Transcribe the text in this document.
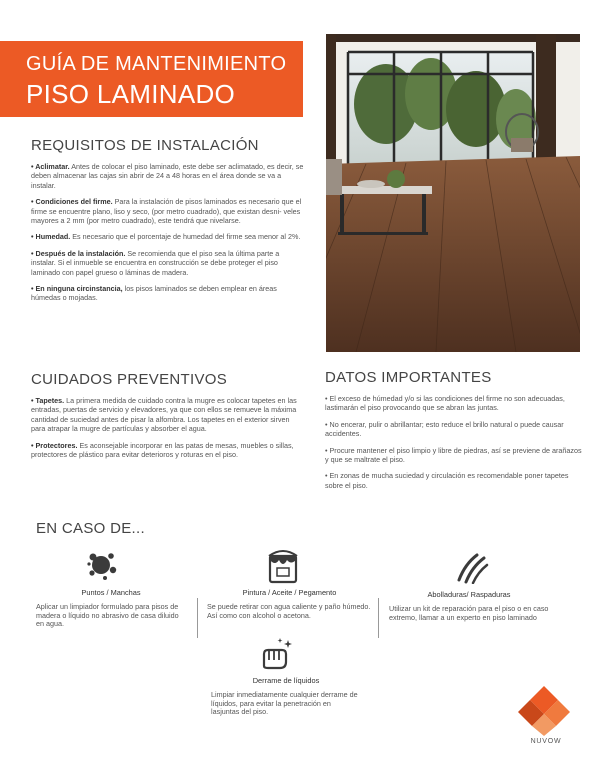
GUÍA DE MANTENIMIENTO
PISO LAMINADO
REQUISITOS DE INSTALACIÓN

• Aclimatar. Antes de colocar el piso laminado, este debe ser aclimatado, es decir, se deben almacenar las cajas sin abrir de 24 a 48 horas en el área donde se va a instalar.

• Condiciones del firme. Para la instalación de pisos laminados es necesario que el firme se encuentre plano, liso y seco, (por metro cuadrado), que existan desni- veles mayores a 2 mm (por metro cuadrado), este tendrá que nivelarse.

• Humedad. Es necesario que el porcentaje de humedad del firme sea menor al 2%.

• Después de la instalación. Se recomienda que el piso sea la última parte a instalar. Si el inmueble se encuentra en construcción se debe proteger el piso laminado con papel grueso o láminas de madera.

• En ninguna circinstancia, los pisos laminados se deben emplear en áreas húmedas o mojadas.

CUIDADOS PREVENTIVOS

• Tapetes. La primera medida de cuidado contra la mugre es colocar tapetes en las entradas, puertas de servicio y elevadores, ya que con ellos se remueve la máxima cantidad de suciedad antes de pisar la alfombra. Los tapetes en el exterior sirven para atrapar la mugre de partículas y absorber el agua.

• Protectores. Es aconsejable incorporar en las patas de mesas, muebles o sillas, protectores de plástico para evitar deterioros y roturas en el piso.

DATOS IMPORTANTES

• El exceso de húmedad y/o si las condiciones del firme no son adecuadas, lastimarán el piso provocando que se abran las juntas.

• No encerar, pulir o abrillantar; esto reduce el brillo natural o puede causar accidentes.

• Procure mantener el piso limpio y libre de piedras, así se previene de arañazos y que se maltrate el piso.

• En zonas de mucha suciedad y circulación es recomendable poner tapetes sobre el piso.

EN CASO DE...
Puntos / Manchas
Aplicar un limpiador formulado para pisos de madera o líquido no abrasivo de casa diluido en agua.
Pintura / Aceite / Pegamento
Se puede retirar con agua caliente y paño húmedo. Así como con alcohol o acetona.
Abolladuras/ Raspaduras
Utilizar un kit de reparación para el piso o en caso extremo, llamar a un experto en piso laminado
Derrame de líquidos
Limpiar inmediatamente cualquier derrame de líquidos, para evitar la penetración en lasjuntas del piso.
NUVOW
